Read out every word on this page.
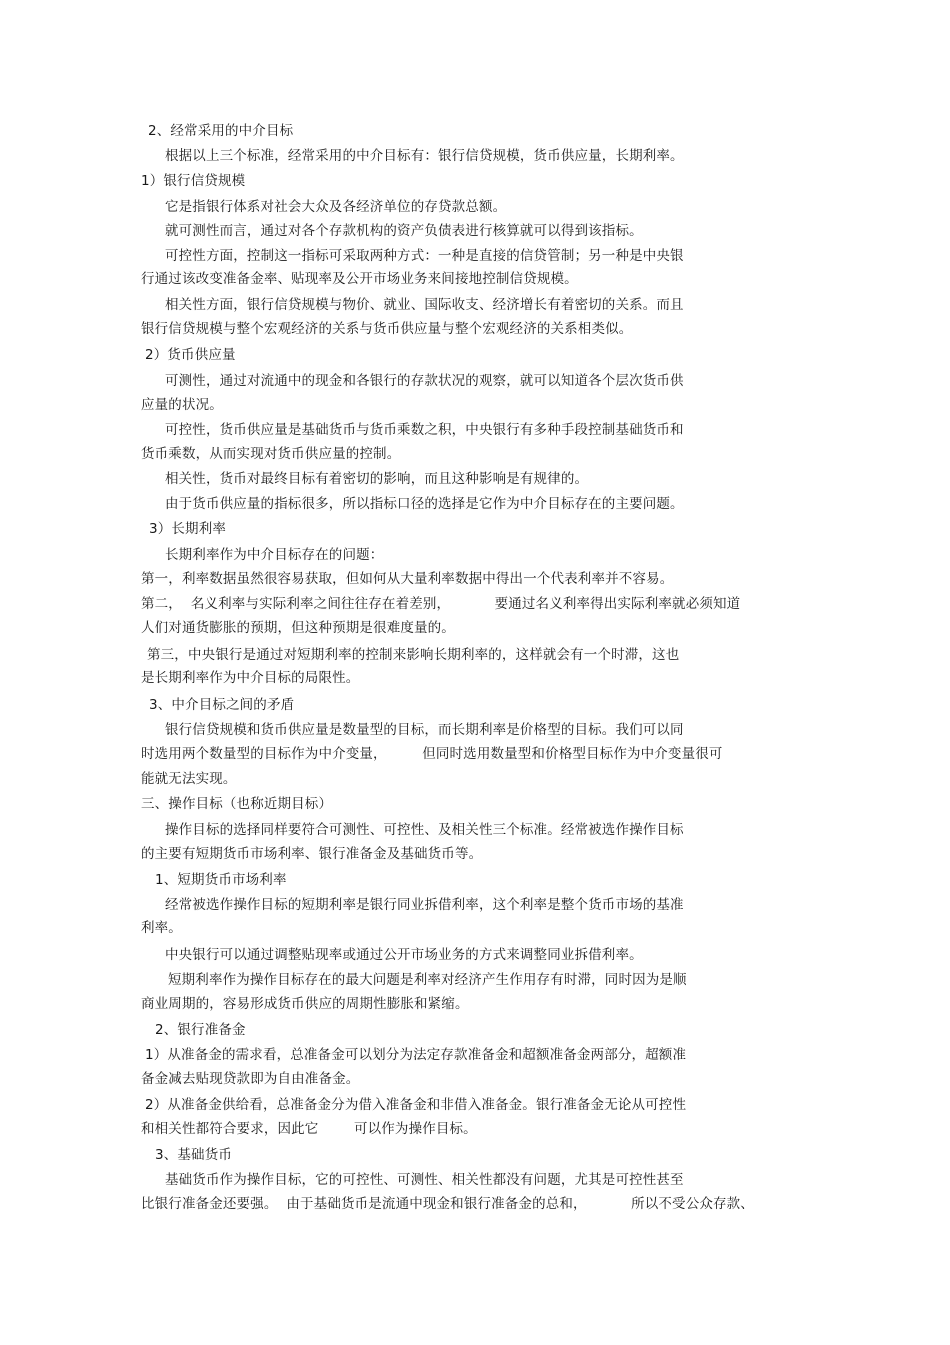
2、经常采用的中介目标
根据以上三个标准，经常采用的中介目标有：银行信贷规模，货币供应量，长期利率。
1）银行信贷规模
它是指银行体系对社会大众及各经济单位的存贷款总额。
就可测性而言，通过对各个存款机构的资产负债表进行核算就可以得到该指标。
可控性方面，控制这一指标可采取两种方式：一种是直接的信贷管制；另一种是中央银
行通过该改变准备金率、贴现率及公开市场业务来间接地控制信贷规模。
相关性方面，银行信贷规模与物价、就业、国际收支、经济增长有着密切的关系。而且
银行信贷规模与整个宏观经济的关系与货币供应量与整个宏观经济的关系相类似。
2）货币供应量
可测性，通过对流通中的现金和各银行的存款状况的观察，就可以知道各个层次货币供
应量的状况。
可控性，货币供应量是基础货币与货币乘数之积，中央银行有多种手段控制基础货币和
货币乘数，从而实现对货币供应量的控制。
相关性，货币对最终目标有着密切的影响，而且这种影响是有规律的。
由于货币供应量的指标很多，所以指标口径的选择是它作为中介目标存在的主要问题。
3）长期利率
长期利率作为中介目标存在的问题：
第一，利率数据虽然很容易获取，但如何从大量利率数据中得出一个代表利率并不容易。
第二，  名义利率与实际利率之间往往存在着差别，          要通过名义利率得出实际利率就必须知道
人们对通货膨胀的预期，但这种预期是很难度量的。
第三，中央银行是通过对短期利率的控制来影响长期利率的，这样就会有一个时滞，这也
是长期利率作为中介目标的局限性。
3、中介目标之间的矛盾
银行信贷规模和货币供应量是数量型的目标，而长期利率是价格型的目标。我们可以同
时选用两个数量型的目标作为中介变量，        但同时选用数量型和价格型目标作为中介变量很可
能就无法实现。
三、操作目标（也称近期目标）
操作目标的选择同样要符合可测性、可控性、及相关性三个标准。经常被选作操作目标
的主要有短期货币市场利率、银行准备金及基础货币等。
1、短期货币市场利率
经常被选作操作目标的短期利率是银行同业拆借利率，这个利率是整个货币市场的基准
利率。
中央银行可以通过调整贴现率或通过公开市场业务的方式来调整同业拆借利率。
短期利率作为操作目标存在的最大问题是利率对经济产生作用存有时滞，同时因为是顺
商业周期的，容易形成货币供应的周期性膨胀和紧缩。
2、银行准备金
1）从准备金的需求看，总准备金可以划分为法定存款准备金和超额准备金两部分，超额准
备金减去贴现贷款即为自由准备金。
2）从准备金供给看，总准备金分为借入准备金和非借入准备金。银行准备金无论从可控性
和相关性都符合要求，因此它        可以作为操作目标。
3、基础货币
基础货币作为操作目标，它的可控性、可测性、相关性都没有问题，尤其是可控性甚至
比银行准备金还要强。  由于基础货币是流通中现金和银行准备金的总和，          所以不受公众存款、
